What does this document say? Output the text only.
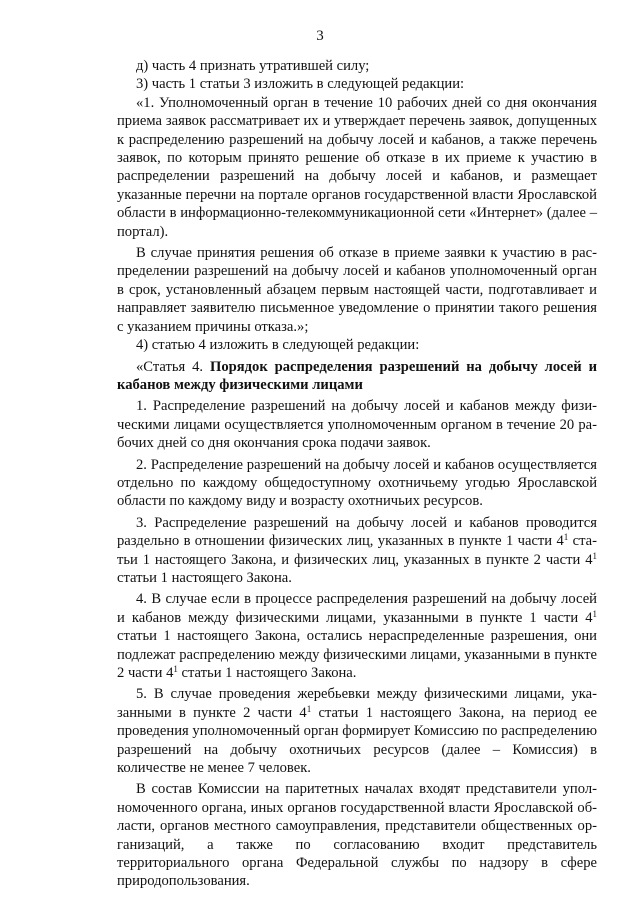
3

д) часть 4 признать утратившей силу;

3) часть 1 статьи 3 изложить в следующей редакции:

«1. Уполномоченный орган в течение 10 рабочих дней со дня окончания приема заявок рассматривает их и утверждает перечень заявок, допущенных к распределению разрешений на добычу лосей и кабанов, а также перечень заявок, по которым принято решение об отказе в их приеме к участию в распределении разрешений на добычу лосей и кабанов, и размещает указанные перечни на портале органов государственной власти Ярославской области в информационно-телекоммуникационной сети «Интернет» (далее – портал).

В случае принятия решения об отказе в приеме заявки к участию в распределении разрешений на добычу лосей и кабанов уполномоченный орган в срок, установленный абзацем первым настоящей части, подготавливает и направляет заявителю письменное уведомление о принятии такого решения с указанием причины отказа.»;

4) статью 4 изложить в следующей редакции:

«Статья 4. Порядок распределения разрешений на добычу лосей и кабанов между физическими лицами

1. Распределение разрешений на добычу лосей и кабанов между физическими лицами осуществляется уполномоченным органом в течение 20 рабочих дней со дня окончания срока подачи заявок.

2. Распределение разрешений на добычу лосей и кабанов осуществляется отдельно по каждому общедоступному охотничьему угодью Ярославской области по каждому виду и возрасту охотничьих ресурсов.

3. Распределение разрешений на добычу лосей и кабанов проводится раздельно в отношении физических лиц, указанных в пункте 1 части $4^1$ статьи 1 настоящего Закона, и физических лиц, указанных в пункте 2 части $4^1$ статьи 1 настоящего Закона.

4. В случае если в процессе распределения разрешений на добычу лосей и кабанов между физическими лицами, указанными в пункте 1 части $4^1$ статьи 1 настоящего Закона, остались нераспределенные разрешения, они подлежат распределению между физическими лицами, указанными в пункте 2 части $4^1$ статьи 1 настоящего Закона.

5. В случае проведения жеребьевки между физическими лицами, указанными в пункте 2 части $4^1$ статьи 1 настоящего Закона, на период ее проведения уполномоченный орган формирует Комиссию по распределению разрешений на добычу охотничьих ресурсов (далее – Комиссия) в количестве не менее 7 человек.

В состав Комиссии на паритетных началах входят представители уполномоченного органа, иных органов государственной власти Ярославской области, органов местного самоуправления, представители общественных организаций, а также по согласованию входит представитель территориального органа Федеральной службы по надзору в сфере природопользования.
